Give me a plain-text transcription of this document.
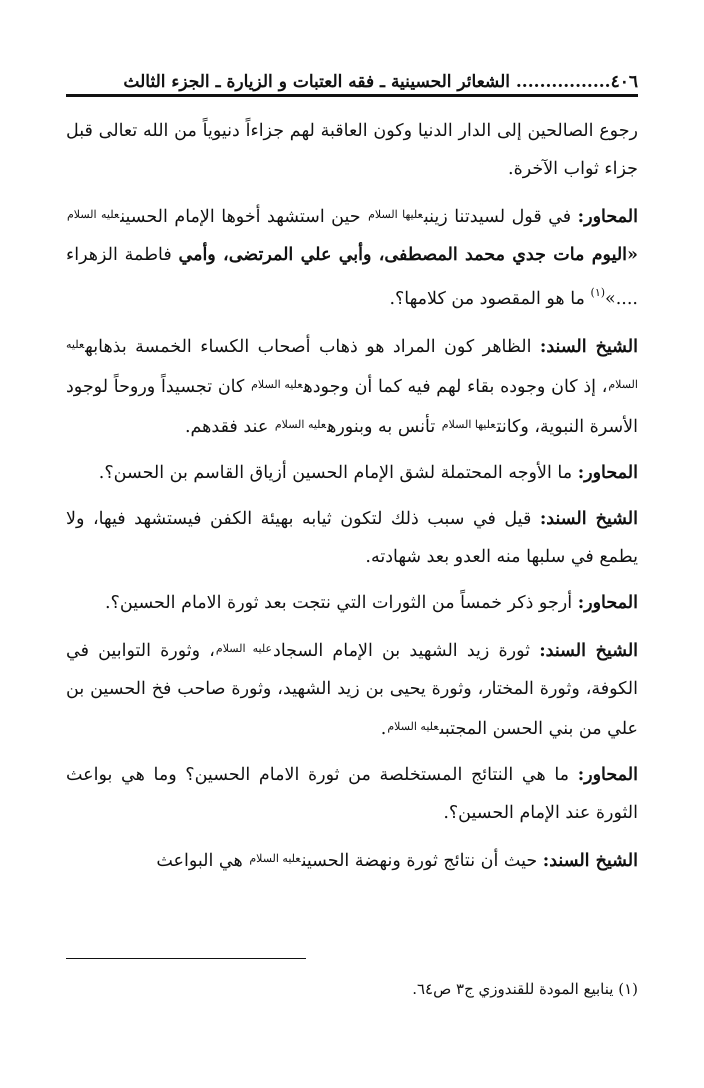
٤٠٦................ الشعائر الحسينية ـ فقه العتبات و الزيارة ـ الجزء الثالث

رجوع الصالحين إلى الدار الدنيا وكون العاقبة لهم جزاءاً دنيوياً من الله تعالى قبل جزاء ثواب الآخرة.

المحاور: في قول لسيدتنا زينب$^{عليها السلام}$ حين استشهد أخوها الإمام الحسين$^{عليه السلام}$ «اليوم مات جدي محمد المصطفى، وأبي علي المرتضى، وأمي فاطمة الزهراء ....»$^{(١)}$ ما هو المقصود من كلامها؟.

الشيخ السند: الظاهر كون المراد هو ذهاب أصحاب الكساء الخمسة بذهابه$^{عليه السلام}$، إذ كان وجوده بقاء لهم فيه كما أن وجوده$^{عليه السلام}$ كان تجسيداً وروحاً لوجود الأسرة النبوية، وكانت$^{عليها السلام}$ تأنس به وبنوره$^{عليه السلام}$ عند فقدهم.

المحاور: ما الأوجه المحتملة لشق الإمام الحسين أزياق القاسم بن الحسن؟.

الشيخ السند: قيل في سبب ذلك لتكون ثيابه بهيئة الكفن فيستشهد فيها، ولا يطمع في سلبها منه العدو بعد شهادته.

المحاور: أرجو ذكر خمساً من الثورات التي نتجت بعد ثورة الامام الحسين؟.

الشيخ السند: ثورة زيد الشهيد بن الإمام السجاد$^{عليه السلام}$، وثورة التوابين في الكوفة، وثورة المختار، وثورة يحيى بن زيد الشهيد، وثورة صاحب فخ الحسين بن علي من بني الحسن المجتبى$^{عليه السلام}$.

المحاور: ما هي النتائج المستخلصة من ثورة الامام الحسين؟ وما هي بواعث الثورة عند الإمام الحسين؟.

الشيخ السند: حيث أن نتائج ثورة ونهضة الحسين$^{عليه السلام}$ هي البواعث

(١) ينابيع المودة للقندوزي ج٣ ص٦٤.
